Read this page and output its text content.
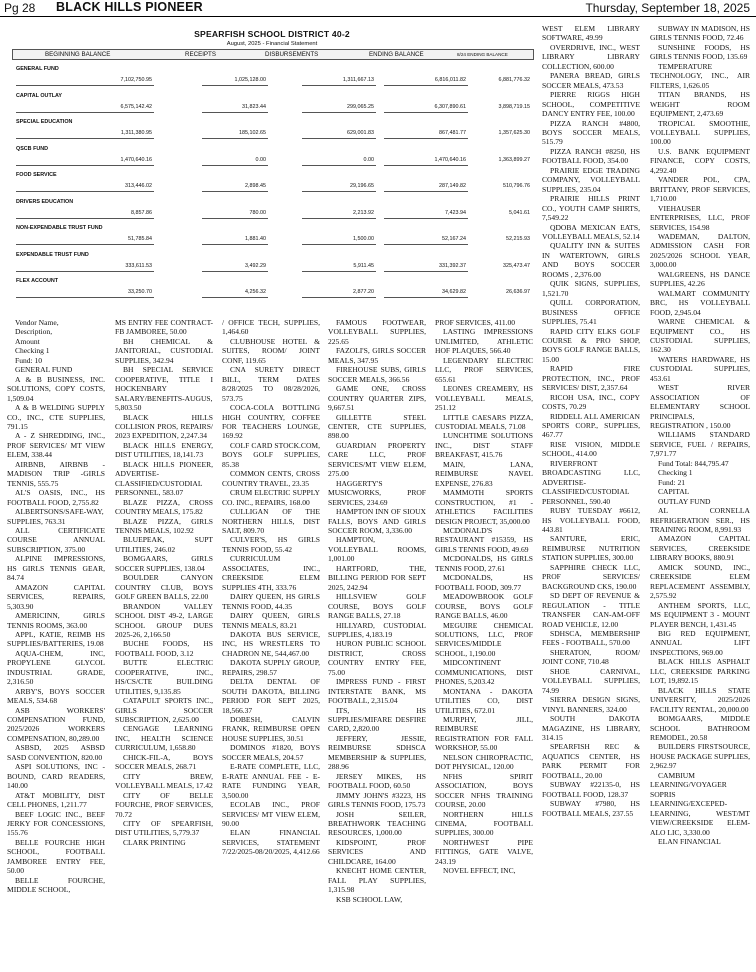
Pg 28 BLACK HILLS PIONEER	Thursday, September 18, 2025
SPEARFISH SCHOOL DISTRICT 40-2
August, 2025 - Financial Statement
BEGINNING BALANCE	RECEIPTS	DISBURSEMENTS	ENDING BALANCE	8/24 ENDING BALANCE
GENERAL FUND
7,102,750.95	1,025,128.00	1,311,667.13	6,816,011.82	6,881,776.32
CAPITAL OUTLAY
6,575,142.42	31,823.44	299,065.25	6,307,890.61	3,898,719.15
SPECIAL EDUCATION
1,311,380.95	185,102.65	629,001.83	867,481.77	1,357,625.30
QSCB FUND
1,470,640.16	0.00	0.00	1,470,640.16	1,363,899.27
FOOD SERVICE
313,446.02	2,898.45	29,196.65	287,149.82	510,796.76
DRIVERS EDUCATION
8,857.86	780.00	2,213.92	7,423.94	5,041.61
NON-EXPENDABLE TRUST FUND
51,785.84	1,881.40	1,500.00	52,167.24	52,215.93
EXPENDABLE TRUST FUND
333,611.53	3,492.29	5,911.45	331,392.37	325,473.47
FLEX ACCOUNT
33,250.70	4,256.32	2,877.20	34,629.82	26,636.97

Vendor Name,

Description,

Amount

Checking 1

Fund: 10

GENERAL FUND

A & B BUSINESS, INC. SOLUTIONS, COPY COSTS, 1,509.04

A & B WELDING SUPPLY CO., INC., CTE SUPPLIES, 791.15

A - Z SHREDDING, INC., PROF SERVICES/ MT VIEW ELEM, 338.44

AIRBNB, AIRBNB - MADISON TRIP -GIRLS TENNIS, 555.75

AL'S OASIS, INC., HS FOOTBALL FOOD, 2,755.82

ALBERTSONS/SAFE-WAY, SUPPLIES, 763.31

ALL CERTIFICATE COURSE ANNUAL SUBSCRIPTION, 375.00

ALPINE IMPRESSIONS, HS GIRLS TENNIS GEAR, 84.74

AMAZON CAPITAL SERVICES, REPAIRS, 5,303.90

AMERICINN, GIRLS TENNIS ROOMS, 363.00

APPL, KATIE, REIMB HS SUPPLIES/BATTERIES, 19.08

AQUA-CHEM, INC, PROPYLENE GLYCOL INDUSTRIAL GRADE, 2,316.50

ARBY'S, BOYS SOCCER MEALS, 534.68

ASB WORKERS' COMPENSATION FUND, 2025/2026 WORKERS COMPENSATION, 80,289.00

ASBSD, 2025 ASBSD SASD CONVENTION, 820.00

ASPI SOLUTIONS, INC - BOUND, CARD READERS, 140.00

AT&T MOBILITY, DIST CELL PHONES, 1,211.77

BEEF LOGIC INC., BEEF JERKY FOR CONCESSIONS, 155.76

BELLE FOURCHE HIGH SCHOOL, FOOTBALL JAMBOREE ENTRY FEE, 50.00

BELLE FOURCHE, MIDDLE SCHOOL,

MS ENTRY FEE CONTRACT-FB JAMBOREE, 50.00

BH CHEMICAL & JANITORIAL, CUSTODIAL SUPPLIES, 342.94

BH SPECIAL SERVICE COOPERATIVE, TITLE I HOCKENBARY SALARY/BENEFITS-AUGUS, 5,803.50

BLACK HILLS COLLISION PROS, REPAIRS/ 2023 EXPEDITION, 2,247.34

BLACK HILLS ENERGY, DIST UTILITIES, 18,141.73

BLACK HILLS PIONEER, ADVERTISE-CLASSIFIED/CUSTODIAL PERSONNEL, 583.07

BLAZE PIZZA, CROSS COUNTRY MEALS, 175.82

BLAZE PIZZA, GIRLS TENNIS MEALS, 102.92

BLUEPEAK, SUPT UTILITIES, 246.02

BOMGAARS, GIRLS SOCCER SUPPLIES, 138.04

BOULDER CANYON COUNTRY CLUB, BOYS GOLF GREEN BALLS, 22.00

BRANDON VALLEY SCHOOL DIST 49-2, LARGE SCHOOL GROUP DUES 2025-26, 2,166.50

BUCHE FOODS, HS FOOTBALL FOOD, 3.12

BUTTE ELECTRIC COOPERATIVE, INC., HS/CS/CTE BUILDING UTILITIES, 9,135.85

CATAPULT SPORTS INC., GIRLS SOCCER SUBSCRIPTION, 2,625.00

CENGAGE LEARNING INC, HEALTH SCIENCE CURRICULUM, 1,658.80

CHICK-FIL-A, BOYS SOCCER MEALS, 268.71

CITY BREW, VOLLEYBALL MEALS, 17.42

CITY OF BELLE FOURCHE, PROF SERVICES, 70.72

CITY OF SPEARFISH, DIST UTILITIES, 5,779.37

CLARK PRINTING

/ OFFICE TECH, SUPPLIES, 1,464.60

CLUBHOUSE HOTEL & SUITES, ROOM/ JOINT CONF, 119.65

CNA SURETY DIRECT BILL, TERM DATES 8/28/2025 TO 08/28/2026, 573.75

COCA-COLA BOTTLING HIGH COUNTRY, COFFEE FOR TEACHERS LOUNGE, 169.92

COLF CARD STOCK.COM, BOYS GOLF SUPPLIES, 85.38

COMMON CENTS, CROSS COUNTRY TRAVEL, 23.35

CRUM ELECTRIC SUPPLY CO. INC., REPAIRS, 168.00

CULLIGAN OF THE NORTHERN HILLS, DIST SALT, 809.70

CULVER'S, HS GIRLS TENNIS FOOD, 55.42

CURRICULUM ASSOCIATES, INC., CREEKSIDE ELEM SUPPLIES 4TH, 333.76

DAIRY QUEEN, HS GIRLS TENNIS FOOD, 44.35

DAIRY QUEEN, GIRLS TENNIS MEALS, 83.21

DAKOTA BUS SERVICE, INC, HS WRESTLERS TO CHADRON NE, 544,467.00

DAKOTA SUPPLY GROUP, REPAIRS, 298.57

DELTA DENTAL OF SOUTH DAKOTA, BILLING PERIOD FOR SEPT 2025, 18,566.37

DOBESH, CALVIN FRANK, REIMBURSE OPEN HOUSE SUPPLIES, 30.51

DOMINOS #1820, BOYS SOCCER MEALS, 204.57

E-RATE COMPLETE, LLC, E-RATE ANNUAL FEE - E-RATE FUNDING YEAR, 3,500.00

ECOLAB INC., PROF SERVICES/ MT VIEW ELEM, 90.00

ELAN FINANCIAL SERVICES, STATEMENT 7/22/2025-08/20/2025, 4,412.66

FAMOUS FOOTWEAR, VOLLEYBALL SUPPLIES, 225.65

FAZOLI'S, GIRLS SOCCER MEALS, 347.95

FIREHOUSE SUBS, GIRLS SOCCER MEALS, 366.56

GAME ONE, CROSS COUNTRY QUARTER ZIPS, 9,667.51

GILLETTE STEEL CENTER, CTE SUPPLIES, 898.00

GUARDIAN PROPERTY CARE LLC, PROF SERVICES/MT VIEW ELEM, 275.00

HAGGERTY'S MUSICWORKS, PROF SERVICES, 234.69

HAMPTON INN OF SIOUX FALLS, BOYS AND GIRLS SOCCER ROOM, 3,336.00

HAMPTON, VOLLEYBALL ROOMS, 1,001.00

HARTFORD, THE, BILLING PERIOD FOR SEPT 2025, 242.94

HILLSVIEW GOLF COURSE, BOYS GOLF RANGE BALLS, 27.18

HILLYARD, CUSTODIAL SUPPLIES, 4,183.19

HURON PUBLIC SCHOOL DISTRICT, CROSS COUNTRY ENTRY FEE, 75.00

IMPRESS FUND - FIRST INTERSTATE BANK, MS FOOTBALL, 2,315.04

ITS, HS SUPPLIES/MIFARE DESFIRE CARD, 2,820.00

JEFFERY, JESSIE, REIMBURSE SDHSCA MEMBERSHIP & SUPPLIES, 288.96

JERSEY MIKES, HS FOOTBALL FOOD, 60.50

JIMMY JOHN'S #3223, HS GIRLS TENNIS FOOD, 175.73

JOSH SEILER, BREATHWORK TEACHING RESOURCES, 1,000.00

KIDSPOINT, PROF SERVICES AND CHILDCARE, 164.00

KNECHT HOME CENTER, FALL PLAY SUPPLIES, 1,315.98

KSB SCHOOL LAW,

PROF SERVICES, 411.00

LASTING IMPRESSIONS UNLIMITED, ATHLETIC HOF PLAQUES, 566.40

LEGENDARY ELECTRIC LLC, PROF SERVICES, 655.61

LEONES CREAMERY, HS VOLLEYBALL MEALS, 251.12

LITTLE CAESARS PIZZA, CUSTODIAL MEALS, 71.08

LUNCHTIME SOLUTIONS INC., DIST STAFF BREAKFAST, 415.76

MAIN, LANA, REIMBURSE NAVEL EXPENSE, 276.83

MAMMOTH SPORTS CONSTRUCTION, #1 - ATHLETICS FACILITIES DESIGN PROJECT, 35,000.00

MCDONALD'S RESTAURANT #15359, HS GIRLS TENNIS FOOD, 49.69

MCDONALDS, HS GIRLS TENNIS FOOD, 27.61

MCDONALDS, HS FOOTBALL FOOD, 309.77

MEADOWBROOK GOLF COURSE, BOYS GOLF RANGE BALLS, 46.00

MEGUIRE CHEMICAL SOLUTIONS, LLC, PROF SERVICES/MIDDLE SCHOOL, 1,190.00

MIDCONTINENT COMMUNICATIONS, DIST PHONES, 5,203.42

MONTANA - DAKOTA UTILITIES CO, DIST UTILITIES, 672.01

MURPHY, JILL, REIMBURSE REGISTRATION FOR FALL WORKSHOP, 55.00

NELSON CHIROPRACTIC, DOT PHYSICAL, 120.00

NFHS SPIRIT ASSOCIATION, BOYS SOCCER NFHS TRAINING COURSE, 20.00

NORTHERN HILLS CINEMA, FOOTBALL SUPPLIES, 300.00

NORTHWEST PIPE FITTINGS, GATE VALVE, 243.19

NOVEL EFFECT, INC,

WEST ELEM LIBRARY SOFTWARE, 49.99

OVERDRIVE, INC., WEST LIBRARY LIBRARY COLLECTION, 600.00

PANERA BREAD, GIRLS SOCCER MEALS, 473.53

PIERRE RIGGS HIGH SCHOOL, COMPETITIVE DANCY ENTRY FEE, 100.00

PIZZA RANCH #4800, BOYS SOCCER MEALS, 515.79

PIZZA RANCH #8250, HS FOOTBALL FOOD, 354.00

PRAIRIE EDGE TRADING COMPANY, VOLLEYBALL SUPPLIES, 235.04

PRAIRIE HILLS PRINT CO., YOUTH CAMP SHIRTS, 7,549.22

QDOBA MEXICAN EATS, VOLLEYBALL MEALS, 52.14

QUALITY INN & SUITES IN WATERTOWN, GIRLS AND BOYS SOCCER ROOMS , 2,376.00

QUIK SIGNS, SUPPLIES, 1,521.70

QUILL CORPORATION, BUSINESS OFFICE SUPPLIES, 75.41

RAPID CITY ELKS GOLF COURSE & PRO SHOP, BOYS GOLF RANGE BALLS, 15.00

RAPID FIRE PROTECTION, INC., PROF SERVICES/ DIST, 2,357.64

RICOH USA, INC., COPY COSTS, 70.29

RIDDELL ALL AMERICAN SPORTS CORP., SUPPLIES, 467.77

RISE VISION, MIDDLE SCHOOL, 414.00

RIVERFRONT BROADCASTING LLC, ADVERTISE- CLASSIFIED/CUSTODIAL PERSONNEL, 590.40

RUBY TUESDAY #6612, HS VOLLEYBALL FOOD, 443.81

SANTURE, ERIC, REIMBURSE NUTRITION STATION SUPPLIES, 300.00

SAPPHIRE CHECK LLC, PROF SERVICES/ BACKGROUND CKS, 190.00

SD DEPT OF REVENUE & REGULATION - TITLE TRANSFER CAN-AM-OFF ROAD VEHICLE, 12.00

SDHSCA, MEMBERSHIP FEES - FOOTBALL, 570.00

SHERATON, ROOM/ JOINT CONF, 710.48

SHOE CARNIVAL, VOLLEYBALL SUPPLIES, 74.99

SIERRA DESIGN SIGNS, VINYL BANNERS, 324.00

SOUTH DAKOTA MAGAZINE, HS LIBRARY, 314.15

SPEARFISH REC & AQUATICS CENTER, HS PARK PERMIT FOR FOOTBALL, 20.00

SUBWAY #22135-0, HS FOOTBALL FOOD, 128.37

SUBWAY #7980, HS FOOTBALL MEALS, 237.55

SUBWAY IN MADISON, HS GIRLS TENNIS FOOD, 72.46

SUNSHINE FOODS, HS GIRLS TENNIS FOOD, 135.69

TEMPERATURE TECHNOLOGY, INC., AIR FILTERS, 1,626.05

TITAN BRANDS, HS WEIGHT ROOM EQUIPMENT, 2,473.69

TROPICAL SMOOTHIE, VOLLEYBALL SUPPLIES, 100.00

U.S. BANK EQUIPMENT FINANCE, COPY COSTS, 4,292.40

VANDER POL, CPA, BRITTANY, PROF SERVICES, 1,710.00

VIEHAUSER ENTERPRISES, LLC, PROF SERVICES, 154.98

WADEMAN, DALTON, ADMISSION CASH FOR 2025/2026 SCHOOL YEAR, 3,000.00

WALGREENS, HS DANCE SUPPLIES, 42.26

WALMART COMMUNITY BRC, HS VOLLEYBALL FOOD, 2,945.04

WARNE CHEMICAL & EQUIPMENT CO., HS CUSTODIAL SUPPLIES, 162.30

WATERS HARDWARE, HS CUSTODIAL SUPPLIES, 453.61

WEST RIVER ASSOCIATION OF ELEMENTARY SCHOOL PRINCIPALS, REGISTRATION , 150.00

WILLIAMS STANDARD SERVICE, FUEL / REPAIRS, 7,971.77

Fund Total: 844,795.47

Checking 1

Fund: 21

CAPITAL

OUTLAY FUND

AL CORNELLA REFRIGERATION SER., HS TRAINING ROOM, 8,991.93

AMAZON CAPITAL SERVICES, CREEKSIDE LIBRARY BOOKS, 880.91

AMICK SOUND, INC., CREEKSIDE ELEM REPLACEMENT ASSEMBLY, 2,575.92

ANTHEM SPORTS, LLC, MS EQUIPMENT 3 - MOUNT PLAYER BENCH, 1,431.45

BIG RED EQUIPMENT, ANNUAL LIFT INSPECTIONS, 969.00

BLACK HILLS ASPHALT LLC, CREEKSIDE PARKING LOT, 19,892.15

BLACK HILLS STATE UNIVERSITY, 2025/2026 FACILITY RENTAL, 20,000.00

BOMGAARS, MIDDLE SCHOOL BATHROOM REMODEL, 20.58

BUILDERS FIRSTSOURCE, HOUSE PACKAGE SUPPLIES, 2,962.97

CAMBIUM LEARNING/VOYAGER SOPRIS LEARNING/EXCEPED-LEARNING, WEST/MT VIEW/CREEKSIDE ELEM-ALO LIC, 3,330.00

ELAN FINANCIAL
